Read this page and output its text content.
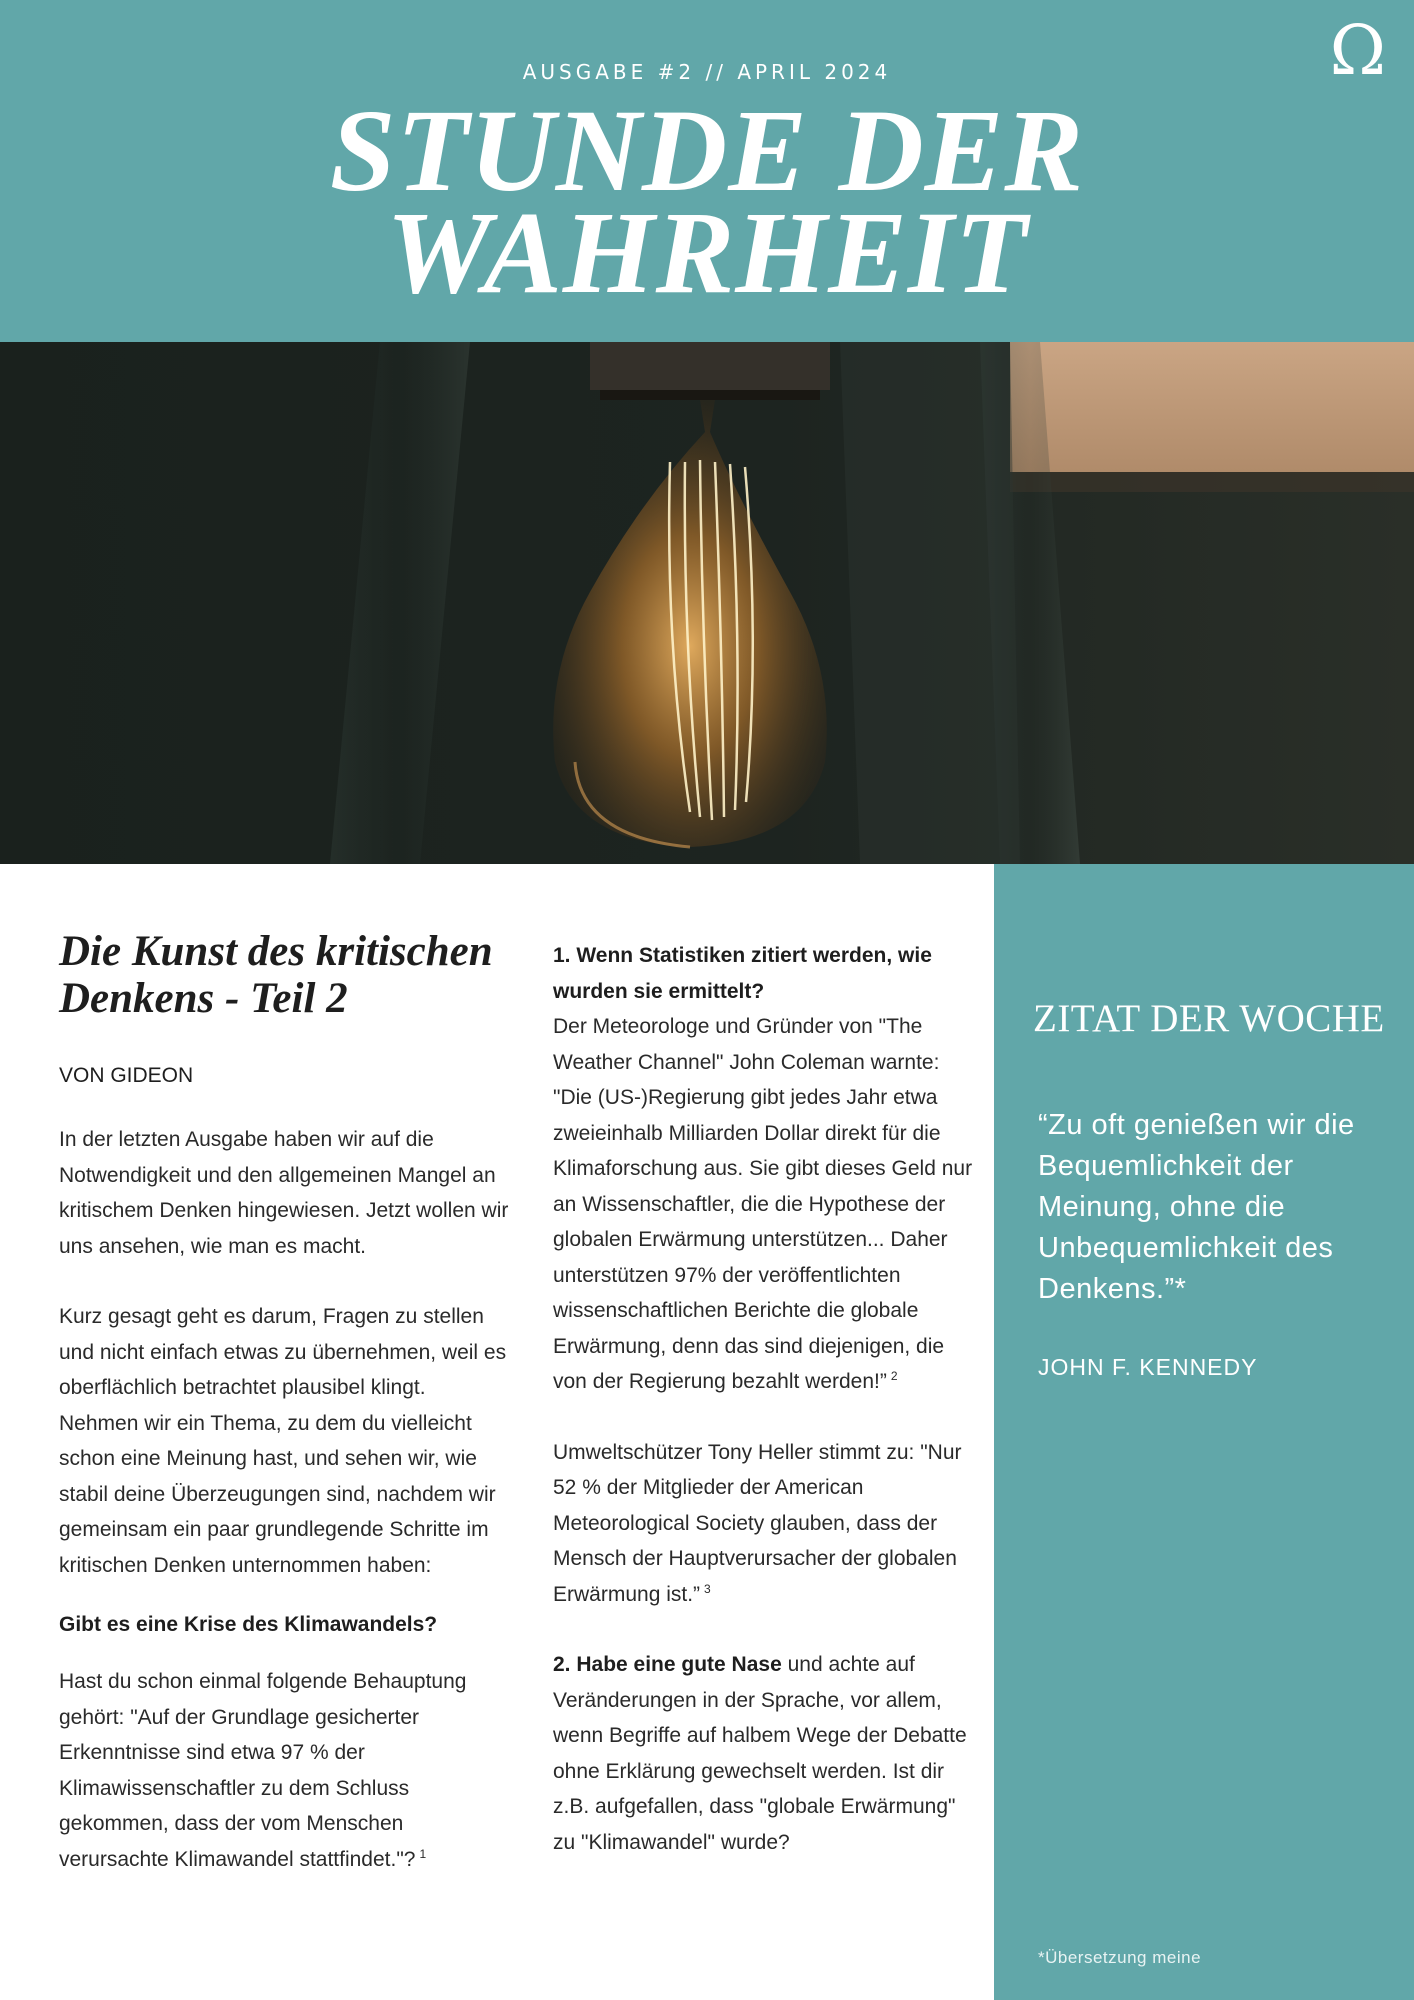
AUSGABE #2 // APRIL 2024
STUNDE DER
WAHRHEIT
Ω
Die Kunst des kritischen
Denkens - Teil 2
VON GIDEON

In der letzten Ausgabe haben wir auf die Notwendigkeit und den allgemeinen Mangel an kritischem Denken hingewiesen. Jetzt wollen wir uns ansehen, wie man es macht.

Kurz gesagt geht es darum, Fragen zu stellen und nicht einfach etwas zu übernehmen, weil es oberflächlich betrachtet plausibel klingt. Nehmen wir ein Thema, zu dem du vielleicht schon eine Meinung hast, und sehen wir, wie stabil deine Überzeugungen sind, nachdem wir gemeinsam ein paar grundlegende Schritte im kritischen Denken unternommen haben:

Gibt es eine Krise des Klimawandels?

Hast du schon einmal folgende Behauptung gehört: "Auf der Grundlage gesicherter Erkenntnisse sind etwa 97 % der Klimawissenschaftler zu dem Schluss gekommen, dass der vom Menschen verursachte Klimawandel stattfindet."? $^1$

1. Wenn Statistiken zitiert werden, wie wurden sie ermittelt?

Der Meteorologe und Gründer von "The Weather Channel" John Coleman warnte: "Die (US-)Regierung gibt jedes Jahr etwa zweieinhalb Milliarden Dollar direkt für die Klimaforschung aus. Sie gibt dieses Geld nur an Wissenschaftler, die die Hypothese der globalen Erwärmung unterstützen... Daher unterstützen 97% der veröffentlichten wissenschaftlichen Berichte die globale Erwärmung, denn das sind diejenigen, die von der Regierung bezahlt werden!” $^2$

Umweltschützer Tony Heller stimmt zu: "Nur 52 % der Mitglieder der American Meteorological Society glauben, dass der Mensch der Hauptverursacher der globalen Erwärmung ist.” $^3$

2. Habe eine gute Nase und achte auf Veränderungen in der Sprache, vor allem, wenn Begriffe auf halbem Wege der Debatte ohne Erklärung gewechselt werden. Ist dir z.B. aufgefallen, dass "globale Erwärmung" zu "Klimawandel" wurde?

ZITAT DER WOCHE
“Zu oft genießen wir die Bequemlichkeit der Meinung, ohne die Unbequemlichkeit des Denkens.”*
JOHN F. KENNEDY
*Übersetzung meine
